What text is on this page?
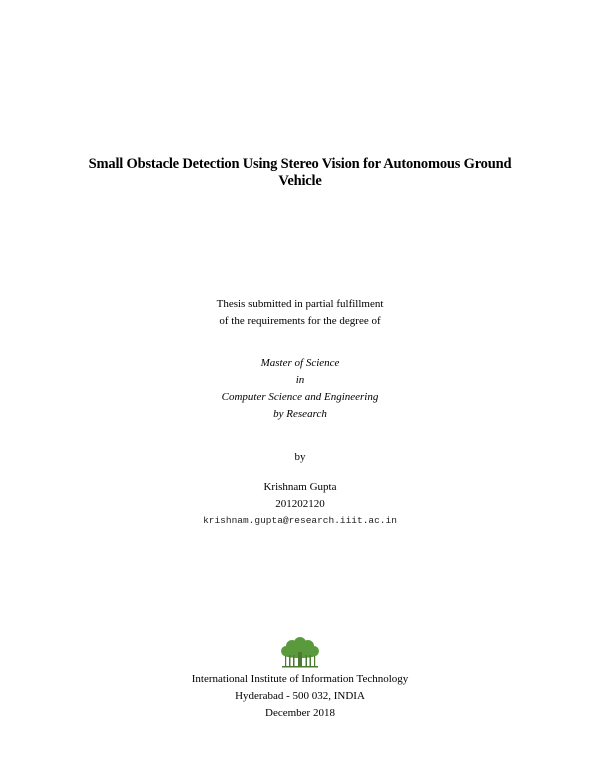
Small Obstacle Detection Using Stereo Vision for Autonomous Ground
Vehicle
Thesis submitted in partial fulfillment
of the requirements for the degree of
Master of Science
in
Computer Science and Engineering
by Research
by
Krishnam Gupta
201202120
krishnam.gupta@research.iiit.ac.in
International Institute of Information Technology
Hyderabad - 500 032, INDIA
December 2018
